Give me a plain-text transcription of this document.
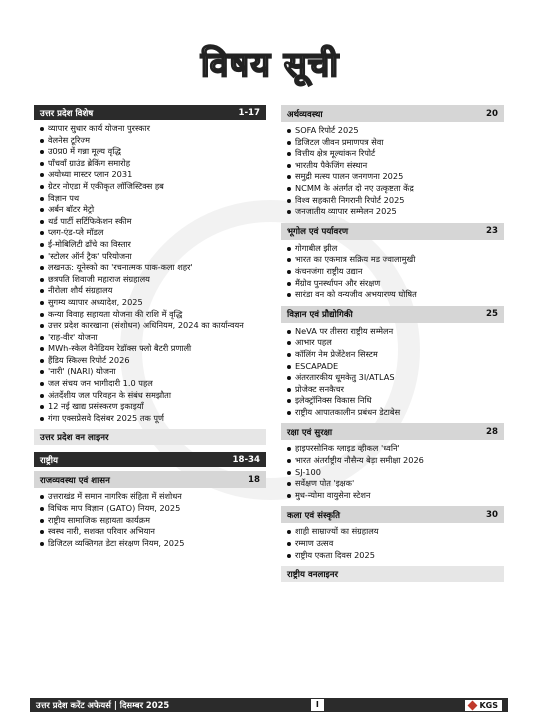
विषय सूची
उत्तर प्रदेश विशेष	1-17
व्यापार सुधार कार्य योजना पुरस्कार
वेलनेस टूरिज्म
उ0प्र0 में गन्ना मूल्य वृद्धि
पाँचवाँ ग्राउंड ब्रेकिंग समारोह
अयोध्या मास्टर प्लान 2031
ग्रेटर नोएडा में एकीकृत लॉजिस्टिक्स हब
विज्ञान पथ
अर्बन बॉटर मेट्रो
थर्ड पार्टी सर्टिफिकेशन स्कीम
प्लग-एंड-प्ले मॉडल
ई-मोबिलिटी ढाँचे का विस्तार
'स्टोलर ऑर्न ट्रैक' परियोजना
लखनऊ: यूनेस्को का 'रचनात्मक पाक-कला शहर'
छत्रपति शिवाजी महाराज संग्रहालय
नीरोला शौर्य संग्रहालय
सुगम्य व्यापार अध्यादेश, 2025
कन्या विवाह सहायता योजना की राशि में वृद्धि
उत्तर प्रदेश कारखाना (संशोधन) अधिनियम, 2024 का कार्यान्वयन
'राह-वीर' योजना
MWh-स्केल वैनेडियम रेडॉक्स फ्लो बैटरी प्रणाली
हैंडिय स्किल्स रिपोर्ट 2026
'नारी' (NARI) योजना
जल संचय जन भागीदारी 1.0 पहल
अंतर्देशीय जल परिवहन के संबंध समझौता
12 नई खाद्य प्रसंस्करण इकाइयाँ
गंगा एक्सप्रेसवे दिसंबर 2025 तक पूर्ण
उत्तर प्रदेश वन लाइनर
राष्ट्रीय	18-34
राजव्यवस्था एवं शासन	18
उत्तराखंड में समान नागरिक संहिता में संशोधन
विधिक माप विज्ञान (GATO) नियम, 2025
राष्ट्रीय सामाजिक सहायता कार्यक्रम
स्वस्थ नारी, सशक्त परिवार अभियान
डिजिटल व्यक्तिगत डेटा संरक्षण नियम, 2025
अर्थव्यवस्था	20
SOFA रिपोर्ट 2025
डिजिटल जीवन प्रमाणपत्र सेवा
वित्तीय क्षेत्र मूल्यांकन रिपोर्ट
भारतीय पैकेजिंग संस्थान
समुद्री मत्स्य पालन जनगणना 2025
NCMM के अंतर्गत दो नए उत्कृष्टता केंद्र
विश्व सहकारी निगरानी रिपोर्ट 2025
जनजातीय व्यापार सम्मेलन 2025
भूगोल एवं पर्यावरण	23
गोगाबील झील
भारत का एकमात्र सक्रिय मड ज्वालामुखी
कंचनजंगा राष्ट्रीय उद्यान
मैंग्रोव पुनर्स्थापन और संरक्षण
सारंडा वन को वन्यजीव अभयारण्य घोषित
विज्ञान एवं प्रौद्योगिकी	25
NeVA पर तीसरा राष्ट्रीय सम्मेलन
आभार पहल
कॉलिंग नेम प्रेजेंटेशन सिस्टम
ESCAPADE
अंतरतारकीय धूमकेतु 3I/ATLAS
प्रोजेक्ट सनकैचर
इलेक्ट्रॉनिक्स विकास निधि
राष्ट्रीय आपातकालीन प्रबंधन डेटाबेस
रक्षा एवं सुरक्षा	28
हाइपरसोनिक ग्लाइड व्हीकल 'ध्वनि'
भारत अंतर्राष्ट्रीय नौसैन्य बेड़ा समीक्षा 2026
SJ-100
सर्वेक्षण पोत 'इक्षक'
मुध-न्योमा वायुसेना स्टेशन
कला एवं संस्कृति	30
शाही साम्राज्यों का संग्रहालय
रम्माण उत्सव
राष्ट्रीय एकता दिवस 2025
राष्ट्रीय वनलाइनर
उत्तर प्रदेश करेंट अफेयर्स | दिसम्बर 2025	I	KGS
